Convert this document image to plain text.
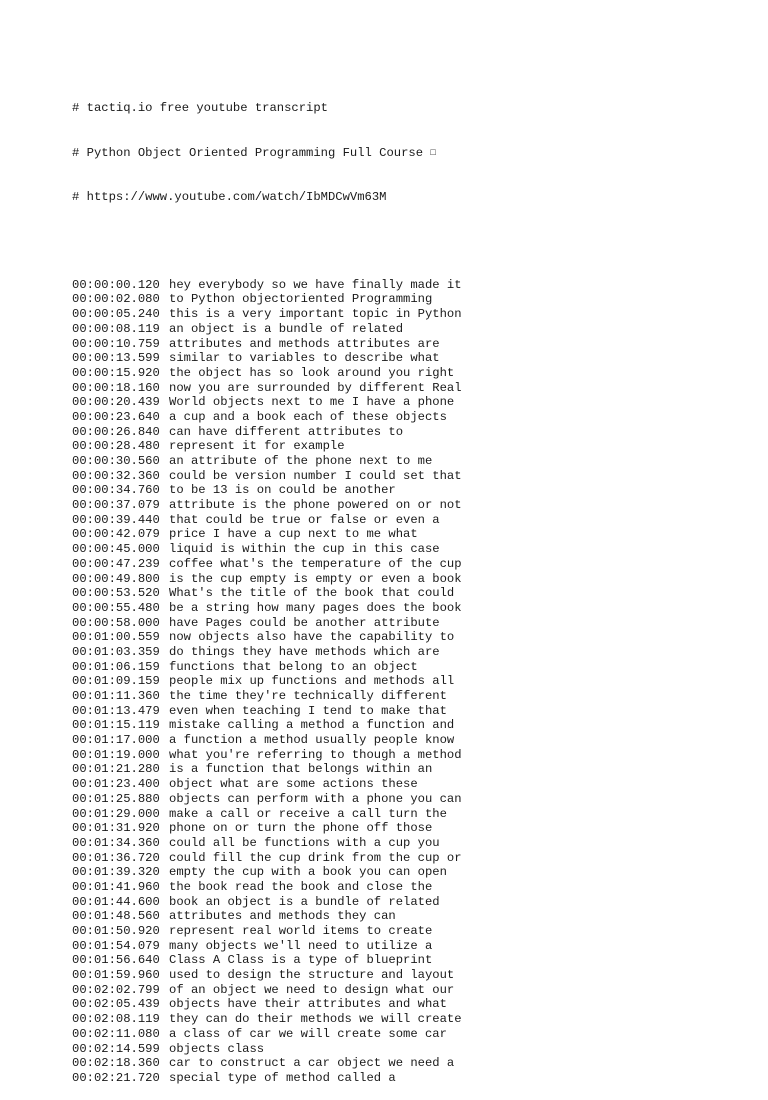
# tactiq.io free youtube transcript

# Python Object Oriented Programming Full Course □

# https://www.youtube.com/watch/IbMDCwVm63M

00:00:00.120 hey everybody so we have finally made it
00:00:02.080 to Python objectoriented Programming
00:00:05.240 this is a very important topic in Python
00:00:08.119 an object is a bundle of related
00:00:10.759 attributes and methods attributes are
00:00:13.599 similar to variables to describe what
00:00:15.920 the object has so look around you right
00:00:18.160 now you are surrounded by different Real
00:00:20.439 World objects next to me I have a phone
00:00:23.640 a cup and a book each of these objects
00:00:26.840 can have different attributes to
00:00:28.480 represent it for example
00:00:30.560 an attribute of the phone next to me
00:00:32.360 could be version number I could set that
00:00:34.760 to be 13 is on could be another
00:00:37.079 attribute is the phone powered on or not
00:00:39.440 that could be true or false or even a
00:00:42.079 price I have a cup next to me what
00:00:45.000 liquid is within the cup in this case
00:00:47.239 coffee what's the temperature of the cup
00:00:49.800 is the cup empty is empty or even a book
00:00:53.520 What's the title of the book that could
00:00:55.480 be a string how many pages does the book
00:00:58.000 have Pages could be another attribute
00:01:00.559 now objects also have the capability to
00:01:03.359 do things they have methods which are
00:01:06.159 functions that belong to an object
00:01:09.159 people mix up functions and methods all
00:01:11.360 the time they're technically different
00:01:13.479 even when teaching I tend to make that
00:01:15.119 mistake calling a method a function and
00:01:17.000 a function a method usually people know
00:01:19.000 what you're referring to though a method
00:01:21.280 is a function that belongs within an
00:01:23.400 object what are some actions these
00:01:25.880 objects can perform with a phone you can
00:01:29.000 make a call or receive a call turn the
00:01:31.920 phone on or turn the phone off those
00:01:34.360 could all be functions with a cup you
00:01:36.720 could fill the cup drink from the cup or
00:01:39.320 empty the cup with a book you can open
00:01:41.960 the book read the book and close the
00:01:44.600 book an object is a bundle of related
00:01:48.560 attributes and methods they can
00:01:50.920 represent real world items to create
00:01:54.079 many objects we'll need to utilize a
00:01:56.640 Class A Class is a type of blueprint
00:01:59.960 used to design the structure and layout
00:02:02.799 of an object we need to design what our
00:02:05.439 objects have their attributes and what
00:02:08.119 they can do their methods we will create
00:02:11.080 a class of car we will create some car
00:02:14.599 objects class
00:02:18.360 car to construct a car object we need a
00:02:21.720 special type of method called a
